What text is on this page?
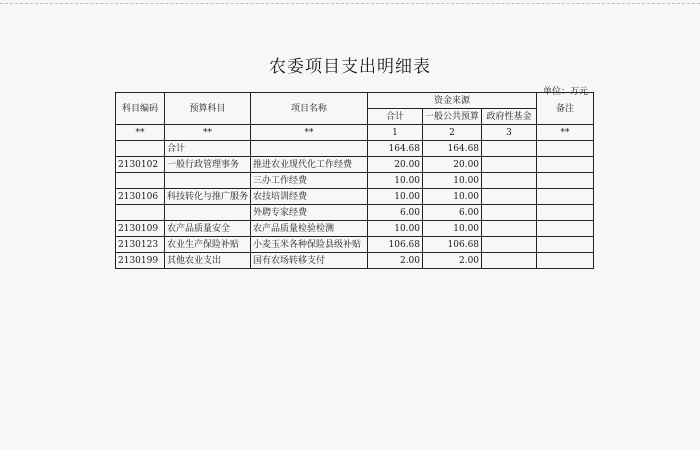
农委项目支出明细表
单位：万元
科目编码	预算科目	项目名称	资金来源			备注
			合计	一般公共预算	政府性基金	
**	**	**	1	2	3	**
	合计		164.68	164.68		
2130102	一般行政管理事务	推进农业现代化工作经费	20.00	20.00		
		三办工作经费	10.00	10.00		
2130106	科技转化与推广服务	农技培训经费	10.00	10.00		
		外聘专家经费	6.00	6.00		
2130109	农产品质量安全	农产品质量检验检测	10.00	10.00		
2130123	农业生产保险补贴	小麦玉米各种保险县级补贴	106.68	106.68		
2130199	其他农业支出	国有农场转移支付	2.00	2.00		
